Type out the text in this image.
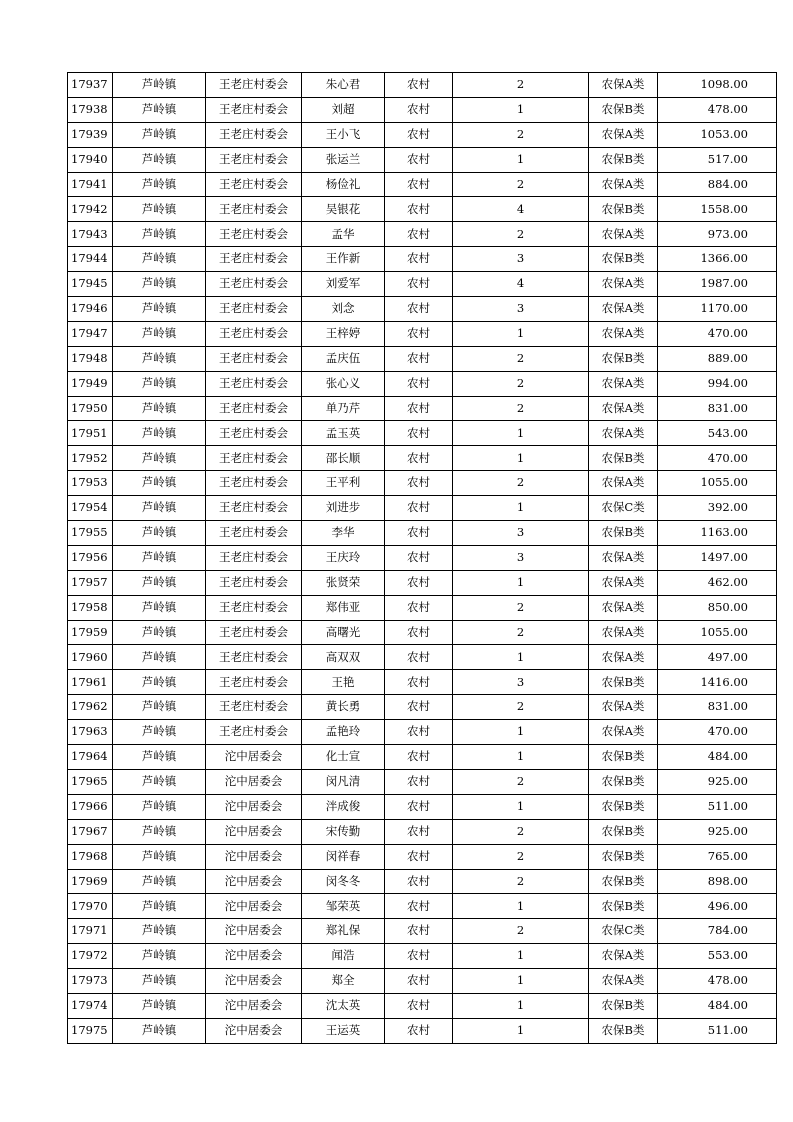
17937	芦岭镇	王老庄村委会	朱心君	农村	2	农保A类	1098.00
17938	芦岭镇	王老庄村委会	刘超	农村	1	农保B类	478.00
17939	芦岭镇	王老庄村委会	王小飞	农村	2	农保A类	1053.00
17940	芦岭镇	王老庄村委会	张运兰	农村	1	农保B类	517.00
17941	芦岭镇	王老庄村委会	杨俭礼	农村	2	农保A类	884.00
17942	芦岭镇	王老庄村委会	吴银花	农村	4	农保B类	1558.00
17943	芦岭镇	王老庄村委会	孟华	农村	2	农保A类	973.00
17944	芦岭镇	王老庄村委会	王作新	农村	3	农保B类	1366.00
17945	芦岭镇	王老庄村委会	刘爱军	农村	4	农保A类	1987.00
17946	芦岭镇	王老庄村委会	刘念	农村	3	农保A类	1170.00
17947	芦岭镇	王老庄村委会	王梓婷	农村	1	农保A类	470.00
17948	芦岭镇	王老庄村委会	孟庆伍	农村	2	农保B类	889.00
17949	芦岭镇	王老庄村委会	张心义	农村	2	农保A类	994.00
17950	芦岭镇	王老庄村委会	单乃芹	农村	2	农保A类	831.00
17951	芦岭镇	王老庄村委会	孟玉英	农村	1	农保A类	543.00
17952	芦岭镇	王老庄村委会	邵长顺	农村	1	农保B类	470.00
17953	芦岭镇	王老庄村委会	王平利	农村	2	农保A类	1055.00
17954	芦岭镇	王老庄村委会	刘进步	农村	1	农保C类	392.00
17955	芦岭镇	王老庄村委会	李华	农村	3	农保B类	1163.00
17956	芦岭镇	王老庄村委会	王庆玲	农村	3	农保A类	1497.00
17957	芦岭镇	王老庄村委会	张贤荣	农村	1	农保A类	462.00
17958	芦岭镇	王老庄村委会	郑伟亚	农村	2	农保A类	850.00
17959	芦岭镇	王老庄村委会	高曙光	农村	2	农保A类	1055.00
17960	芦岭镇	王老庄村委会	高双双	农村	1	农保A类	497.00
17961	芦岭镇	王老庄村委会	王艳	农村	3	农保B类	1416.00
17962	芦岭镇	王老庄村委会	黄长勇	农村	2	农保A类	831.00
17963	芦岭镇	王老庄村委会	孟艳玲	农村	1	农保A类	470.00
17964	芦岭镇	沱中居委会	化士宣	农村	1	农保B类	484.00
17965	芦岭镇	沱中居委会	闵凡清	农村	2	农保B类	925.00
17966	芦岭镇	沱中居委会	泮成俊	农村	1	农保B类	511.00
17967	芦岭镇	沱中居委会	宋传勤	农村	2	农保B类	925.00
17968	芦岭镇	沱中居委会	闵祥春	农村	2	农保B类	765.00
17969	芦岭镇	沱中居委会	闵冬冬	农村	2	农保B类	898.00
17970	芦岭镇	沱中居委会	邹荣英	农村	1	农保B类	496.00
17971	芦岭镇	沱中居委会	郑礼保	农村	2	农保C类	784.00
17972	芦岭镇	沱中居委会	闻浩	农村	1	农保A类	553.00
17973	芦岭镇	沱中居委会	郑全	农村	1	农保A类	478.00
17974	芦岭镇	沱中居委会	沈太英	农村	1	农保B类	484.00
17975	芦岭镇	沱中居委会	王运英	农村	1	农保B类	511.00
